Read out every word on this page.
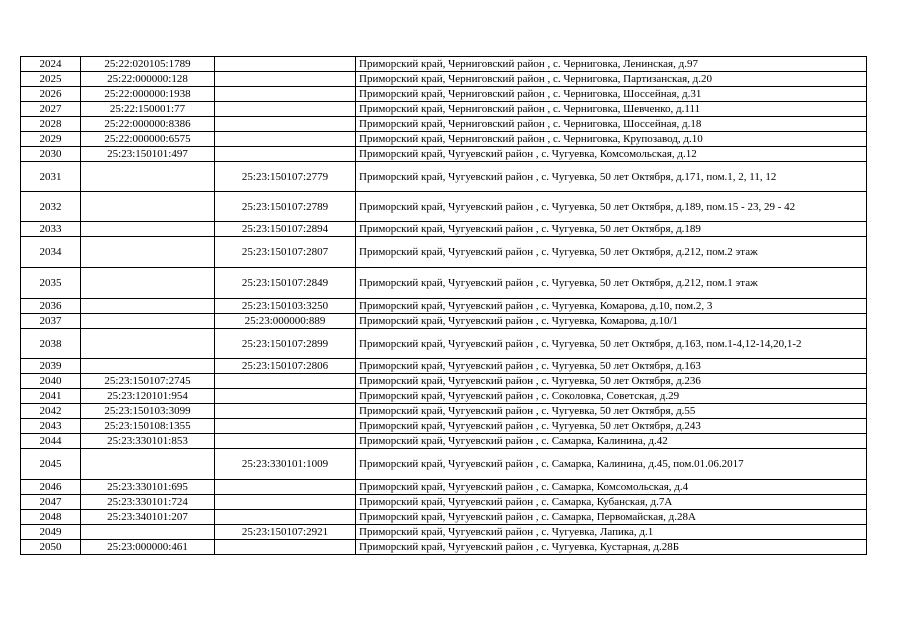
2024	25:22:020105:1789		Приморский край, Черниговский район , с. Черниговка, Ленинская, д.97
2025	25:22:000000:128		Приморский край, Черниговский район , с. Черниговка, Партизанская, д.20
2026	25:22:000000:1938		Приморский край, Черниговский район , с. Черниговка, Шоссейная, д.31
2027	25:22:150001:77		Приморский край, Черниговский район , с. Черниговка, Шевченко, д.111
2028	25:22:000000:8386		Приморский край, Черниговский район , с. Черниговка, Шоссейная, д.18
2029	25:22:000000:6575		Приморский край, Черниговский район , с. Черниговка, Крупозавод, д.10
2030	25:23:150101:497		Приморский край, Чугуевский район , с. Чугуевка, Комсомольская, д.12
2031		25:23:150107:2779	Приморский край, Чугуевский район , с. Чугуевка, 50 лет Октября, д.171, пом.1, 2, 11, 12
2032		25:23:150107:2789	Приморский край, Чугуевский район , с. Чугуевка, 50 лет Октября, д.189, пом.15 - 23, 29 - 42
2033		25:23:150107:2894	Приморский край, Чугуевский район , с. Чугуевка, 50 лет Октября, д.189
2034		25:23:150107:2807	Приморский край, Чугуевский район , с. Чугуевка, 50 лет Октября, д.212, пом.2 этаж
2035		25:23:150107:2849	Приморский край, Чугуевский район , с. Чугуевка, 50 лет Октября, д.212, пом.1 этаж
2036		25:23:150103:3250	Приморский край, Чугуевский район , с. Чугуевка, Комарова, д.10, пом.2, 3
2037		25:23:000000:889	Приморский край, Чугуевский район , с. Чугуевка, Комарова, д.10/1
2038		25:23:150107:2899	Приморский край, Чугуевский район , с. Чугуевка, 50 лет Октября, д.163, пом.1-4,12-14,20,1-2
2039		25:23:150107:2806	Приморский край, Чугуевский район , с. Чугуевка, 50 лет Октября, д.163
2040	25:23:150107:2745		Приморский край, Чугуевский район , с. Чугуевка, 50 лет Октября, д.236
2041	25:23:120101:954		Приморский край, Чугуевский район , с. Соколовка, Советская, д.29
2042	25:23:150103:3099		Приморский край, Чугуевский район , с. Чугуевка, 50 лет Октября, д.55
2043	25:23:150108:1355		Приморский край, Чугуевский район , с. Чугуевка, 50 лет Октября, д.243
2044	25:23:330101:853		Приморский край, Чугуевский район , с. Самарка, Калинина, д.42
2045		25:23:330101:1009	Приморский край, Чугуевский район , с. Самарка, Калинина, д.45, пом.01.06.2017
2046	25:23:330101:695		Приморский край, Чугуевский район , с. Самарка, Комсомольская, д.4
2047	25:23:330101:724		Приморский край, Чугуевский район , с. Самарка, Кубанская, д.7А
2048	25:23:340101:207		Приморский край, Чугуевский район , с. Самарка, Первомайская, д.28А
2049		25:23:150107:2921	Приморский край, Чугуевский район , с. Чугуевка, Лапика, д.1
2050	25:23:000000:461		Приморский край, Чугуевский район , с. Чугуевка, Кустарная, д.28Б
